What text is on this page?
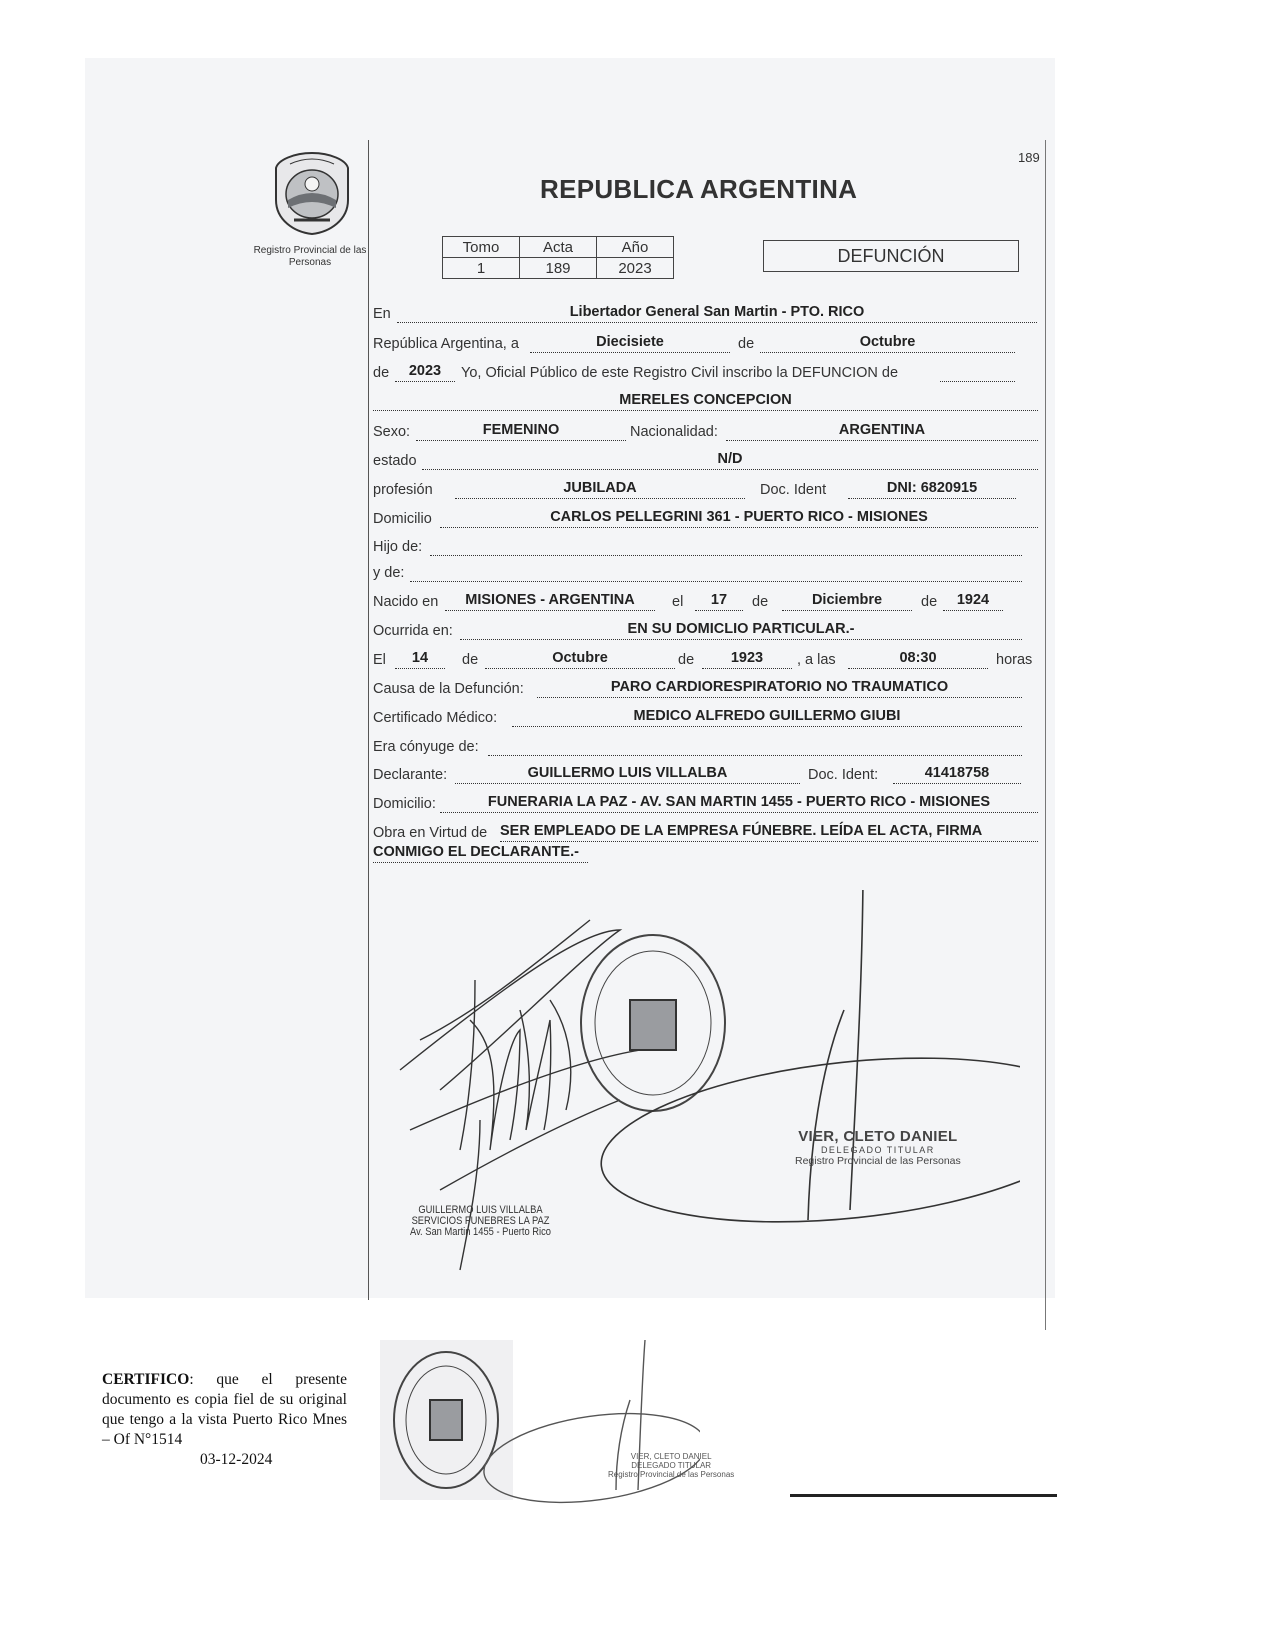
189
REPUBLICA ARGENTINA
Registro Provincial de las Personas
Tomo	Acta	Año
1	189	2023
DEFUNCIÓN
En	Libertador General San Martin - PTO. RICO
República Argentina, a	Diecisiete	de	Octubre
de	2023	Yo, Oficial Público de este Registro Civil inscribo la DEFUNCION de
MERELES CONCEPCION
Sexo:	FEMENINO	Nacionalidad:	ARGENTINA
estado	N/D
profesión	JUBILADA	Doc. Ident	DNI: 6820915
Domicilio	CARLOS PELLEGRINI 361 - PUERTO RICO - MISIONES
Hijo de:
y de:
Nacido en	MISIONES - ARGENTINA	el	17	de	Diciembre	de	1924
Ocurrida en:	EN SU DOMICLIO PARTICULAR.-
El	14	de	Octubre	de	1923	, a las	08:30	horas
Causa de la Defunción:	PARO CARDIORESPIRATORIO NO TRAUMATICO
Certificado Médico:	MEDICO ALFREDO GUILLERMO GIUBI
Era cónyuge de:
Declarante:	GUILLERMO LUIS VILLALBA	Doc. Ident:	41418758
Domicilio:	FUNERARIA LA PAZ - AV. SAN MARTIN 1455 - PUERTO RICO - MISIONES
Obra en Virtud de SER EMPLEADO DE LA EMPRESA FÚNEBRE. LEÍDA EL ACTA, FIRMA
CONMIGO EL DECLARANTE.-
GUILLERMO LUIS VILLALBA
SERVICIOS FUNEBRES LA PAZ
Av. San Martin 1455 - Puerto Rico
VIER, CLETO DANIEL
DELEGADO TITULAR
Registro Provincial de las Personas
CERTIFICO: que el presente documento es copia fiel de su original que tengo a la vista Puerto Rico Mnes – Of N°1514
03-12-2024	VIER, CLETO DANIEL
DELEGADO TITULAR
Registro Provincial de las Personas
